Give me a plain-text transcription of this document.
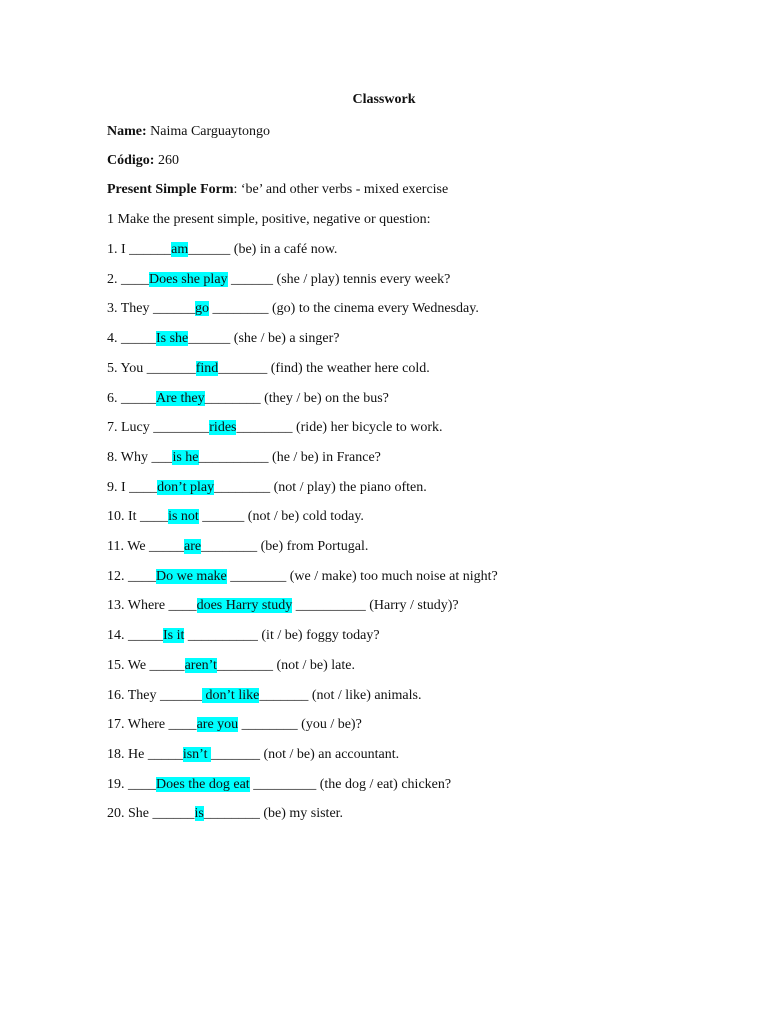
Classwork
Name: Naima Carguaytongo
Código: 260
Present Simple Form: ‘be’ and other verbs - mixed exercise
1 Make the present simple, positive, negative or question:
1. I ______am______ (be) in a café now.
2. ____Does she play ______ (she / play) tennis every week?
3. They ______go ________ (go) to the cinema every Wednesday.
4. _____Is she______ (she / be) a singer?
5. You _______find_______ (find) the weather here cold.
6. _____Are they________ (they / be) on the bus?
7. Lucy ________rides________ (ride) her bicycle to work.
8. Why ___is he__________ (he / be) in France?
9. I ____don’t play________ (not / play) the piano often.
10. It ____is not ______ (not / be) cold today.
11. We _____are________ (be) from Portugal.
12. ____Do we make ________ (we / make) too much noise at night?
13. Where ____does Harry study __________ (Harry / study)?
14. _____Is it __________ (it / be) foggy today?
15. We _____aren’t________ (not / be) late.
16. They ______ don’t like_______ (not / like) animals.
17. Where ____are you ________ (you / be)?
18. He _____isn’t _______ (not / be) an accountant.
19. ____Does the dog eat _________ (the dog / eat) chicken?
20. She ______is________ (be) my sister.
